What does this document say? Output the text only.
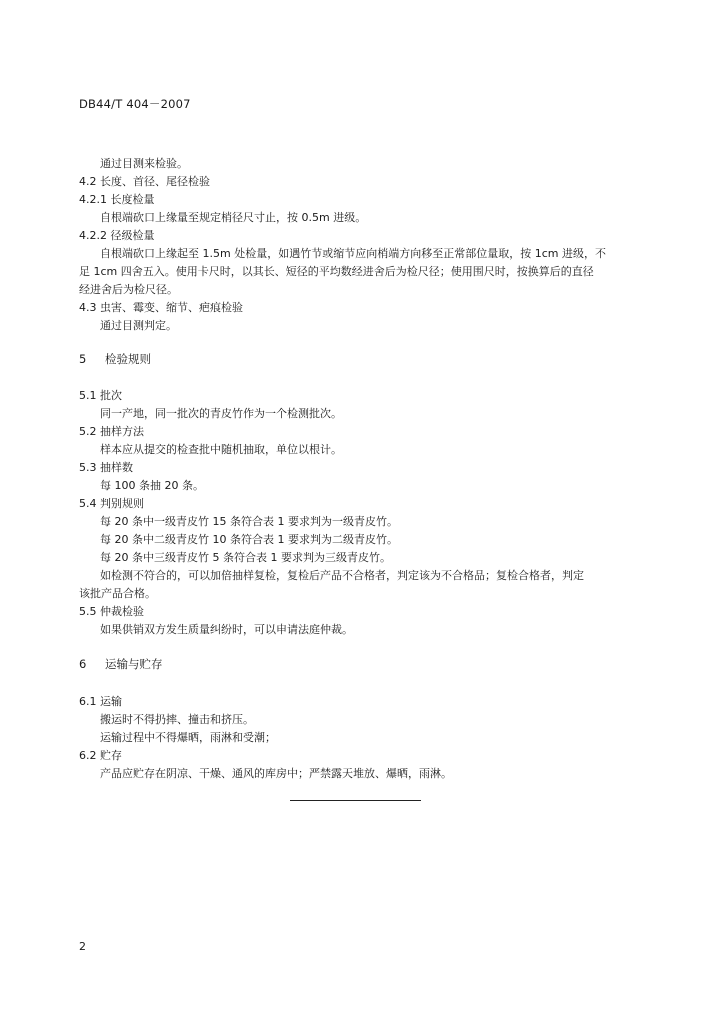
DB44/T 404－2007
通过目测来检验。
4.2 长度、首径、尾径检验
4.2.1 长度检量
自根端砍口上缘量至规定梢径尺寸止，按 0.5m 进级。
4.2.2 径级检量
自根端砍口上缘起至 1.5m 处检量，如遇竹节或缩节应向梢端方向移至正常部位量取，按 1cm 进级，不
足 1cm 四舍五入。使用卡尺时，以其长、短径的平均数经进舍后为检尺径；使用围尺时，按换算后的直径
经进舍后为检尺径。
4.3 虫害、霉变、缩节、疤痕检验
通过目测判定。
5 检验规则
5.1 批次
同一产地，同一批次的青皮竹作为一个检测批次。
5.2 抽样方法
样本应从提交的检查批中随机抽取，单位以根计。
5.3 抽样数
每 100 条抽 20 条。
5.4 判别规则
每 20 条中一级青皮竹 15 条符合表 1 要求判为一级青皮竹。
每 20 条中二级青皮竹 10 条符合表 1 要求判为二级青皮竹。
每 20 条中三级青皮竹 5 条符合表 1 要求判为三级青皮竹。
如检测不符合的，可以加倍抽样复检，复检后产品不合格者，判定该为不合格品；复检合格者，判定
该批产品合格。
5.5 仲裁检验
如果供销双方发生质量纠纷时，可以申请法庭仲裁。
6 运输与贮存
6.1 运输
搬运时不得扔摔、撞击和挤压。
运输过程中不得爆晒，雨淋和受潮；
6.2 贮存
产品应贮存在阴凉、干燥、通风的库房中；严禁露天堆放、爆晒，雨淋。
2
